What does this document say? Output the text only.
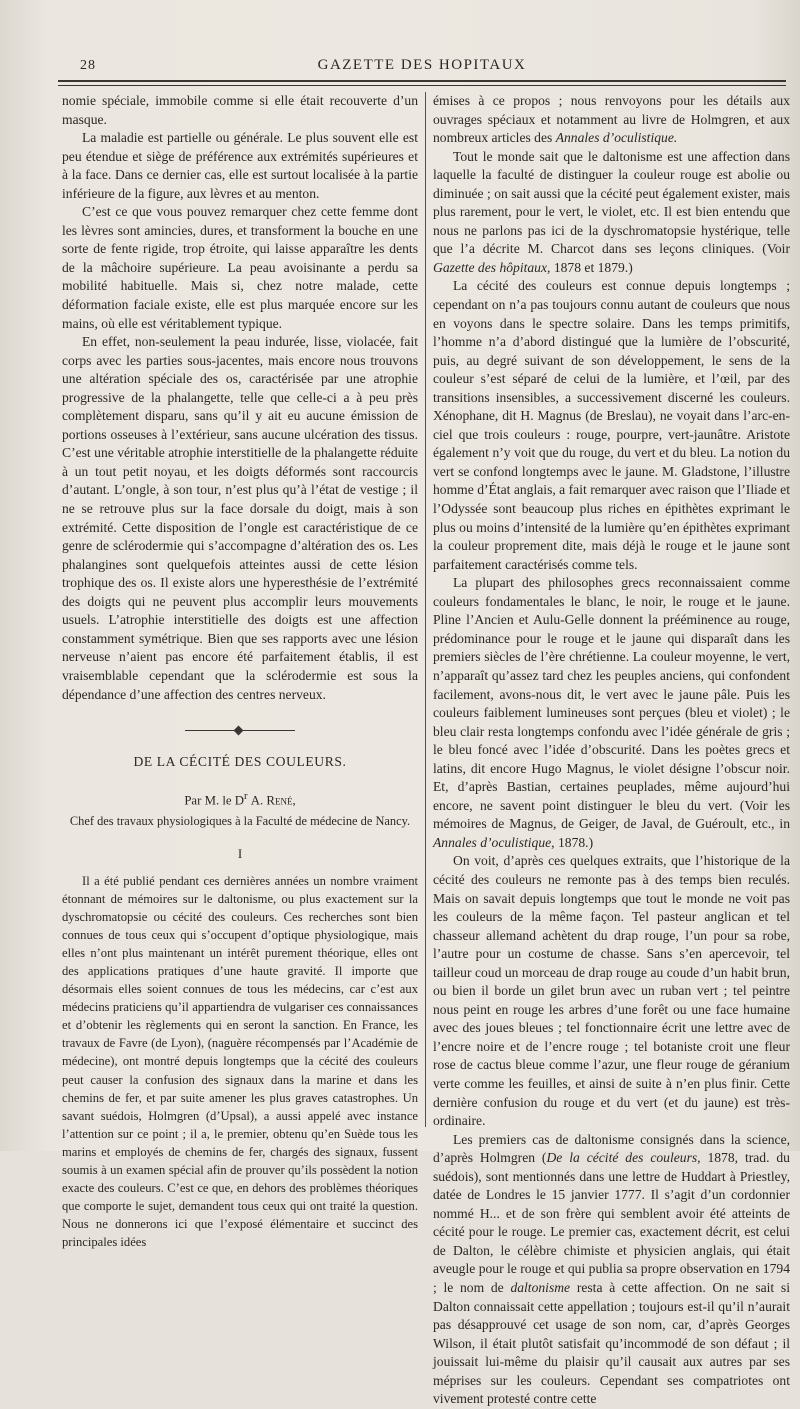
28	GAZETTE DES HOPITAUX

nomie spéciale, immobile comme si elle était recouverte d’un masque.

La maladie est partielle ou générale. Le plus souvent elle est peu étendue et siège de préférence aux extrémités supérieures et à la face. Dans ce dernier cas, elle est surtout localisée à la partie inférieure de la figure, aux lèvres et au menton.

C’est ce que vous pouvez remarquer chez cette femme dont les lèvres sont amincies, dures, et transforment la bouche en une sorte de fente rigide, trop étroite, qui laisse apparaître les dents de la mâchoire supérieure. La peau avoisinante a perdu sa mobilité habituelle. Mais si, chez notre malade, cette déformation faciale existe, elle est plus marquée encore sur les mains, où elle est véritablement typique.

En effet, non-seulement la peau indurée, lisse, violacée, fait corps avec les parties sous-jacentes, mais encore nous trouvons une altération spéciale des os, caractérisée par une atrophie progressive de la phalangette, telle que celle-ci a à peu près complètement disparu, sans qu’il y ait eu aucune émission de portions osseuses à l’extérieur, sans aucune ulcération des tissus. C’est une véritable atrophie interstitielle de la phalangette réduite à un tout petit noyau, et les doigts déformés sont raccourcis d’autant. L’ongle, à son tour, n’est plus qu’à l’état de vestige ; il ne se retrouve plus sur la face dorsale du doigt, mais à son extrémité. Cette disposition de l’ongle est caractéristique de ce genre de sclérodermie qui s’accompagne d’altération des os. Les phalangines sont quelquefois atteintes aussi de cette lésion trophique des os. Il existe alors une hyperesthésie de l’extrémité des doigts qui ne peuvent plus accomplir leurs mouvements usuels. L’atrophie interstitielle des doigts est une affection constamment symétrique. Bien que ses rapports avec une lésion nerveuse n’aient pas encore été parfaitement établis, il est vraisemblable cependant que la sclérodermie est sous la dépendance d’une affection des centres nerveux.

DE LA CÉCITÉ DES COULEURS.
Par M. le $D^r$ A. René,
Chef des travaux physiologiques à la Faculté de médecine de Nancy.
I

Il a été publié pendant ces dernières années un nombre vraiment étonnant de mémoires sur le daltonisme, ou plus exactement sur la dyschromatopsie ou cécité des couleurs. Ces recherches sont bien connues de tous ceux qui s’occupent d’optique physiologique, mais elles n’ont plus maintenant un intérêt purement théorique, elles ont des applications pratiques d’une haute gravité. Il importe que désormais elles soient connues de tous les médecins, car c’est aux médecins praticiens qu’il appartiendra de vulgariser ces connaissances et d’obtenir les règlements qui en seront la sanction. En France, les travaux de Favre (de Lyon), (naguère récompensés par l’Académie de médecine), ont montré depuis longtemps que la cécité des couleurs peut causer la confusion des signaux dans la marine et dans les chemins de fer, et par suite amener les plus graves catastrophes. Un savant suédois, Holmgren (d’Upsal), a aussi appelé avec instance l’attention sur ce point ; il a, le premier, obtenu qu’en Suède tous les marins et employés de chemins de fer, chargés des signaux, fussent soumis à un examen spécial afin de prouver qu’ils possèdent la notion exacte des couleurs. C’est ce que, en dehors des problèmes théoriques que comporte le sujet, demandent tous ceux qui ont traité la question. Nous ne donnerons ici que l’exposé élémentaire et succinct des principales idées

émises à ce propos ; nous renvoyons pour les détails aux ouvrages spéciaux et notamment au livre de Holmgren, et aux nombreux articles des Annales d’oculistique.

Tout le monde sait que le daltonisme est une affection dans laquelle la faculté de distinguer la couleur rouge est abolie ou diminuée ; on sait aussi que la cécité peut également exister, mais plus rarement, pour le vert, le violet, etc. Il est bien entendu que nous ne parlons pas ici de la dyschromatopsie hystérique, telle que l’a décrite M. Charcot dans ses leçons cliniques. (Voir Gazette des hôpitaux, 1878 et 1879.)

La cécité des couleurs est connue depuis longtemps ; cependant on n’a pas toujours connu autant de couleurs que nous en voyons dans le spectre solaire. Dans les temps primitifs, l’homme n’a d’abord distingué que la lumière de l’obscurité, puis, au degré suivant de son développement, le sens de la couleur s’est séparé de celui de la lumière, et l’œil, par des transitions insensibles, a successivement discerné les couleurs. Xénophane, dit H. Magnus (de Breslau), ne voyait dans l’arc-en-ciel que trois couleurs : rouge, pourpre, vert-jaunâtre. Aristote également n’y voit que du rouge, du vert et du bleu. La notion du vert se confond longtemps avec le jaune. M. Gladstone, l’illustre homme d’État anglais, a fait remarquer avec raison que l’Iliade et l’Odyssée sont beaucoup plus riches en épithètes exprimant le plus ou moins d’intensité de la lumière qu’en épithètes exprimant la couleur proprement dite, mais déjà le rouge et le jaune sont parfaitement caractérisés comme tels.

La plupart des philosophes grecs reconnaissaient comme couleurs fondamentales le blanc, le noir, le rouge et le jaune. Pline l’Ancien et Aulu-Gelle donnent la prééminence au rouge, prédominance pour le rouge et le jaune qui disparaît dans les premiers siècles de l’ère chrétienne. La couleur moyenne, le vert, n’apparaît qu’assez tard chez les peuples anciens, qui confondent facilement, avons-nous dit, le vert avec le jaune pâle. Puis les couleurs faiblement lumineuses sont perçues (bleu et violet) ; le bleu clair resta longtemps confondu avec l’idée générale de gris ; le bleu foncé avec l’idée d’obscurité. Dans les poètes grecs et latins, dit encore Hugo Magnus, le violet désigne l’obscur noir. Et, d’après Bastian, certaines peuplades, même aujourd’hui encore, ne savent point distinguer le bleu du vert. (Voir les mémoires de Magnus, de Geiger, de Javal, de Guéroult, etc., in Annales d’oculistique, 1878.)

On voit, d’après ces quelques extraits, que l’historique de la cécité des couleurs ne remonte pas à des temps bien reculés. Mais on savait depuis longtemps que tout le monde ne voit pas les couleurs de la même façon. Tel pasteur anglican et tel chasseur allemand achètent du drap rouge, l’un pour sa robe, l’autre pour un costume de chasse. Sans s’en apercevoir, tel tailleur coud un morceau de drap rouge au coude d’un habit brun, ou bien il borde un gilet brun avec un ruban vert ; tel peintre nous peint en rouge les arbres d’une forêt ou une face humaine avec des joues bleues ; tel fonctionnaire écrit une lettre avec de l’encre noire et de l’encre rouge ; tel botaniste croit une fleur rose de cactus bleue comme l’azur, une fleur rouge de géranium verte comme les feuilles, et ainsi de suite à n’en plus finir. Cette dernière confusion du rouge et du vert (et du jaune) est très-ordinaire.

Les premiers cas de daltonisme consignés dans la science, d’après Holmgren (De la cécité des couleurs, 1878, trad. du suédois), sont mentionnés dans une lettre de Huddart à Priestley, datée de Londres le 15 janvier 1777. Il s’agit d’un cordonnier nommé H... et de son frère qui semblent avoir été atteints de cécité pour le rouge. Le premier cas, exactement décrit, est celui de Dalton, le célèbre chimiste et physicien anglais, qui était aveugle pour le rouge et qui publia sa propre observation en 1794 ; le nom de daltonisme resta à cette affection. On ne sait si Dalton connaissait cette appellation ; toujours est-il qu’il n’aurait pas désapprouvé cet usage de son nom, car, d’après Georges Wilson, il était plutôt satisfait qu’incommodé de son défaut ; il jouissait lui-même du plaisir qu’il causait aux autres par ses méprises sur les couleurs. Cependant ses compatriotes ont vivement protesté contre cette
